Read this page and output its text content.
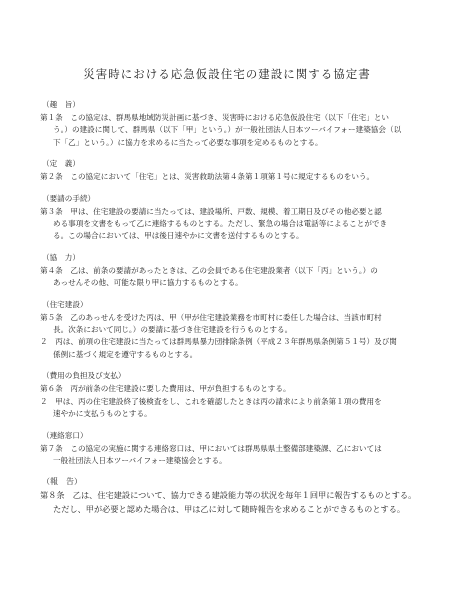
災害時における応急仮設住宅の建設に関する協定書
（趣　旨）

第１条　この協定は、群馬県地域防災計画に基づき、災害時における応急仮設住宅（以下「住宅」とい

う。）の建設に関して、群馬県（以下「甲」という。）が一般社団法人日本ツーバイフォー建築協会（以

下「乙」という。）に協力を求めるに当たって必要な事項を定めるものとする。

（定　義）

第２条　この協定において「住宅」とは、災害救助法第４条第１項第１号に規定するものをいう。

（要請の手続）

第３条　甲は、住宅建設の要請に当たっては、建設場所、戸数、規模、着工期日及びその他必要と認

める事項を文書をもって乙に連絡するものとする。ただし、緊急の場合は電話等によることができ

る。この場合においては、甲は後日速やかに文書を送付するものとする。

（協　力）

第４条　乙は、前条の要請があったときは、乙の会員である住宅建設業者（以下「丙」という。）の

あっせんその他、可能な限り甲に協力するものとする。

（住宅建設）

第５条　乙のあっせんを受けた丙は、甲（甲が住宅建設業務を市町村に委任した場合は、当該市町村

長。次条において同じ。）の要請に基づき住宅建設を行うものとする。

２　丙は、前項の住宅建設に当たっては群馬県暴力団排除条例（平成２３年群馬県条例第５１号）及び関

係例に基づく規定を遵守するものとする。

（費用の負担及び支払）

第６条　丙が前条の住宅建設に要した費用は、甲が負担するものとする。

２　甲は、丙の住宅建設終了後検査をし、これを確認したときは丙の請求により前条第１項の費用を

速やかに支払うものとする。

（連絡窓口）

第７条　この協定の実施に関する連絡窓口は、甲においては群馬県県土整備部建築課、乙においては

一般社団法人日本ツーバイフォー建築協会とする。

（報　告）

第８条　乙は、住宅建設について、協力できる建設能力等の状況を毎年１回甲に報告するものとする。

ただし、甲が必要と認めた場合は、甲は乙に対して随時報告を求めることができるものとする。
